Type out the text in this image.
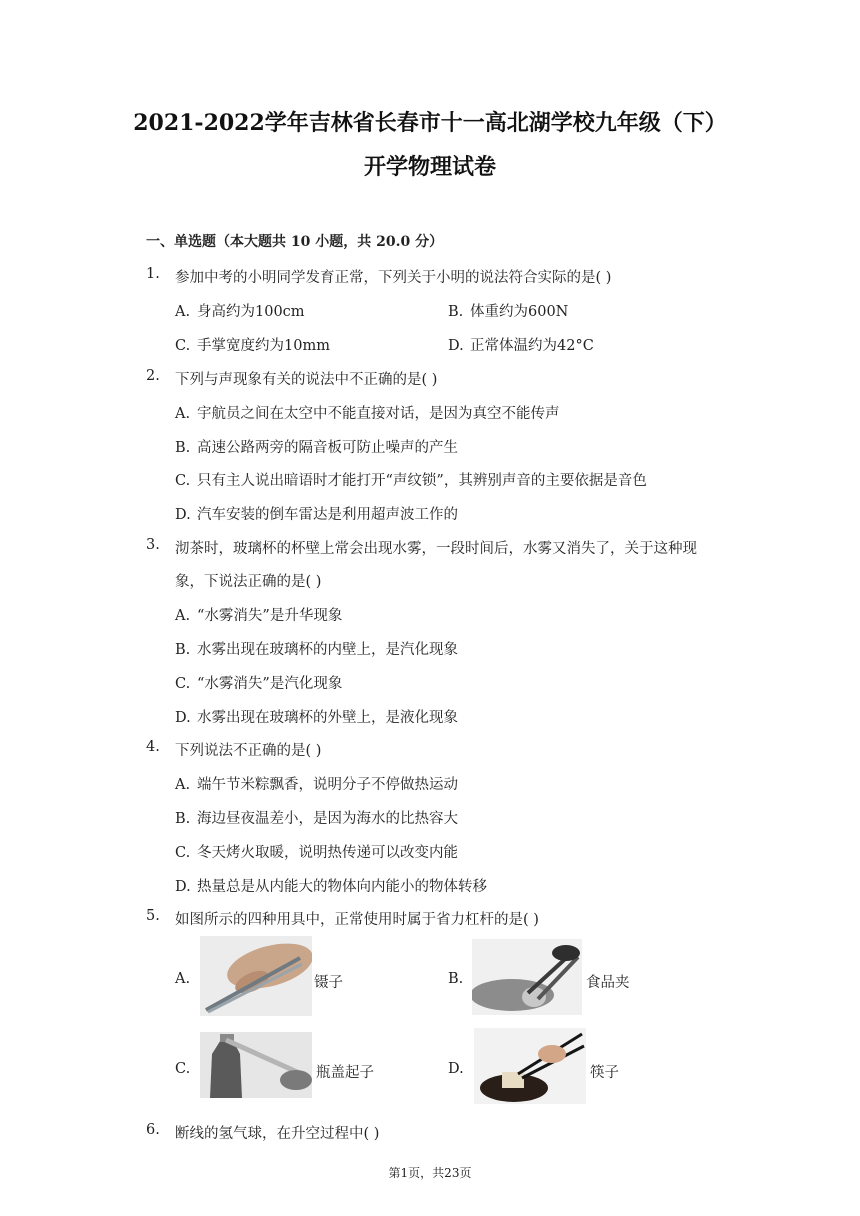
2021-2022学年吉林省长春市十一高北湖学校九年级（下）
开学物理试卷
一、单选题（本大题共 10 小题，共 20.0 分）
1. 参加中考的小明同学发育正常，下列关于小明的说法符合实际的是( )
A. 身高约为100cm	B. 体重约为600N
C. 手掌宽度约为10mm	D. 正常体温约为42°C
2. 下列与声现象有关的说法中不正确的是( )
A. 宇航员之间在太空中不能直接对话，是因为真空不能传声
B. 高速公路两旁的隔音板可防止噪声的产生
C. 只有主人说出暗语时才能打开“声纹锁”，其辨别声音的主要依据是音色
D. 汽车安装的倒车雷达是利用超声波工作的
3. 沏茶时，玻璃杯的杯壁上常会出现水雾，一段时间后，水雾又消失了，关于这种现
象，下说法正确的是( )
A. “水雾消失”是升华现象
B. 水雾出现在玻璃杯的内壁上，是汽化现象
C. “水雾消失”是汽化现象
D. 水雾出现在玻璃杯的外壁上，是液化现象
4. 下列说法不正确的是( )
A. 端午节米粽飘香，说明分子不停做热运动
B. 海边昼夜温差小，是因为海水的比热容大
C. 冬天烤火取暖，说明热传递可以改变内能
D. 热量总是从内能大的物体向内能小的物体转移
5. 如图所示的四种用具中，正常使用时属于省力杠杆的是( )
A.	镊子	B.	食品夹
C.	瓶盖起子	D.	筷子
6. 断线的氢气球，在升空过程中( )
第1页，共23页
